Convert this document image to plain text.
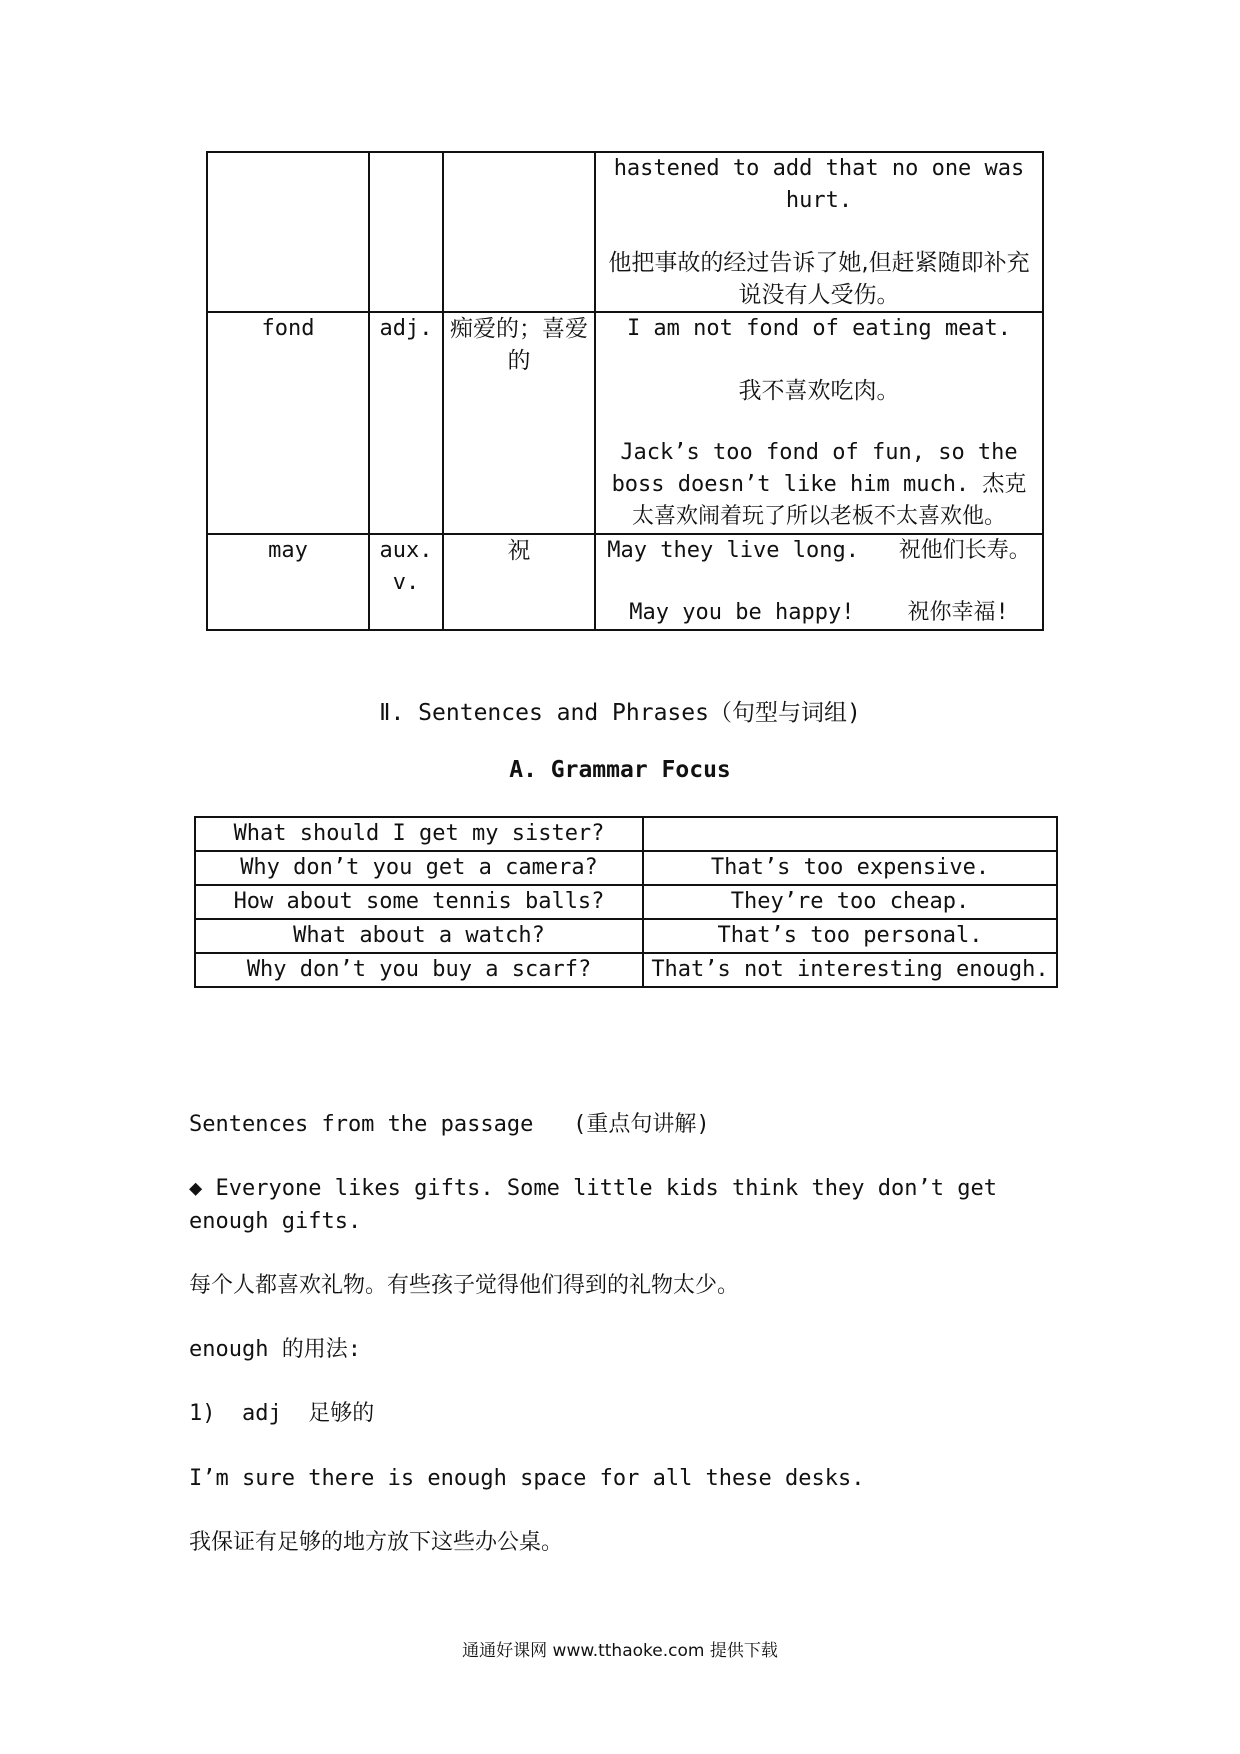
			hastened to add that no one was hurt.

他把事故的经过告诉了她,但赶紧随即补充说没有人受伤。

fond	adj.	痴爱的；喜爱的	I am not fond of eating meat.

我不喜欢吃肉。

Jack’s too fond of fun, so the boss doesn’t like him much. 杰克太喜欢闹着玩了所以老板不太喜欢他。

may	aux. v.	祝	May they live long.   祝他们长寿。

May you be happy!    祝你幸福!

Ⅱ. Sentences and Phrases（句型与词组)
A. Grammar Focus
What should I get my sister?	
Why don’t you get a camera?	That’s too expensive.
How about some tennis balls?	They’re too cheap.
What about a watch?	That’s too personal.
Why don’t you buy a scarf?	That’s not interesting enough.
Sentences from the passage   (重点句讲解)
◆ Everyone likes gifts. Some little kids think they don’t get enough gifts.
每个人都喜欢礼物。有些孩子觉得他们得到的礼物太少。
enough 的用法:
1)  adj  足够的
I’m sure there is enough space for all these desks.
我保证有足够的地方放下这些办公桌。
通通好课网 www.tthaoke.com 提供下载
